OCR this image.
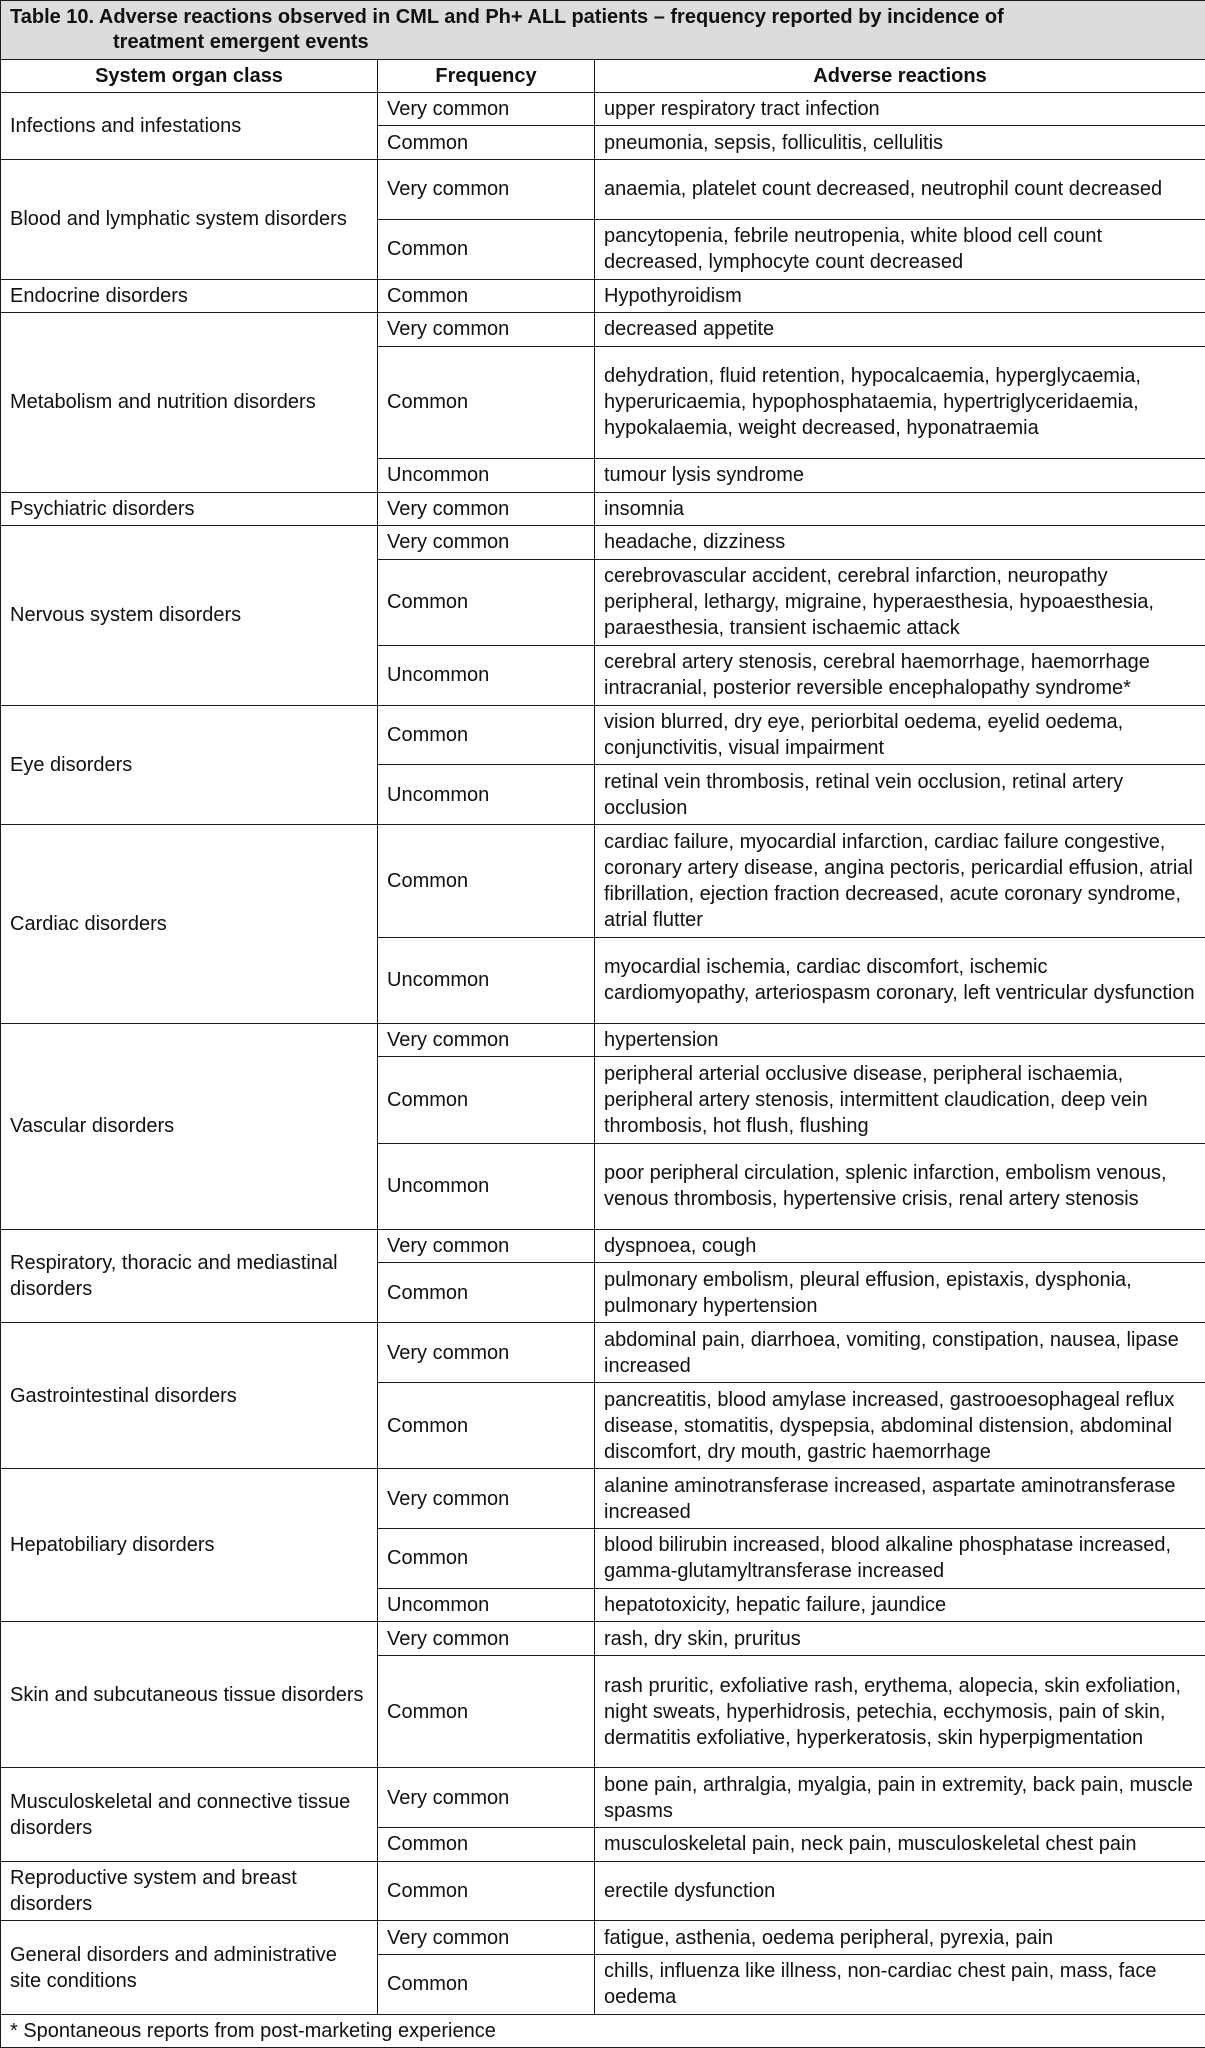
Table 10. Adverse reactions observed in CML and Ph+ ALL patients – frequency reported by incidence of
treatment emergent events		

System organ class	Frequency	Adverse reactions
Infections and infestations	Very common	upper respiratory tract infection
	Common	pneumonia, sepsis, folliculitis, cellulitis
Blood and lymphatic system disorders	Very common	anaemia, platelet count decreased, neutrophil count decreased
	Common	pancytopenia, febrile neutropenia, white blood cell count decreased, lymphocyte count decreased
Endocrine disorders	Common	Hypothyroidism
Metabolism and nutrition disorders	Very common	decreased appetite
	Common	dehydration, fluid retention, hypocalcaemia, hyperglycaemia, hyperuricaemia, hypophosphataemia, hypertriglyceridaemia, hypokalaemia, weight decreased, hyponatraemia
	Uncommon	tumour lysis syndrome
Psychiatric disorders	Very common	insomnia
Nervous system disorders	Very common	headache, dizziness
	Common	cerebrovascular accident, cerebral infarction, neuropathy peripheral, lethargy, migraine, hyperaesthesia, hypoaesthesia, paraesthesia, transient ischaemic attack
	Uncommon	cerebral artery stenosis, cerebral haemorrhage, haemorrhage intracranial, posterior reversible encephalopathy syndrome*
Eye disorders	Common	vision blurred, dry eye, periorbital oedema, eyelid oedema, conjunctivitis, visual impairment
	Uncommon	retinal vein thrombosis, retinal vein occlusion, retinal artery occlusion
Cardiac disorders	Common	cardiac failure, myocardial infarction, cardiac failure congestive, coronary artery disease, angina pectoris, pericardial effusion, atrial fibrillation, ejection fraction decreased, acute coronary syndrome, atrial flutter
	Uncommon	myocardial ischemia, cardiac discomfort, ischemic cardiomyopathy, arteriospasm coronary, left ventricular dysfunction
Vascular disorders	Very common	hypertension
	Common	peripheral arterial occlusive disease, peripheral ischaemia, peripheral artery stenosis, intermittent claudication, deep vein thrombosis, hot flush, flushing
	Uncommon	poor peripheral circulation, splenic infarction, embolism venous, venous thrombosis, hypertensive crisis, renal artery stenosis
Respiratory, thoracic and mediastinal disorders	Very common	dyspnoea, cough
	Common	pulmonary embolism, pleural effusion, epistaxis, dysphonia, pulmonary hypertension
Gastrointestinal disorders	Very common	abdominal pain, diarrhoea, vomiting, constipation, nausea, lipase increased
	Common	pancreatitis, blood amylase increased, gastrooesophageal reflux disease, stomatitis, dyspepsia, abdominal distension, abdominal discomfort, dry mouth, gastric haemorrhage
Hepatobiliary disorders	Very common	alanine aminotransferase increased, aspartate aminotransferase increased
	Common	blood bilirubin increased, blood alkaline phosphatase increased, gamma-glutamyltransferase increased
	Uncommon	hepatotoxicity, hepatic failure, jaundice
Skin and subcutaneous tissue disorders	Very common	rash, dry skin, pruritus
	Common	rash pruritic, exfoliative rash, erythema, alopecia, skin exfoliation, night sweats, hyperhidrosis, petechia, ecchymosis, pain of skin, dermatitis exfoliative, hyperkeratosis, skin hyperpigmentation
Musculoskeletal and connective tissue disorders	Very common	bone pain, arthralgia, myalgia, pain in extremity, back pain, muscle spasms
	Common	musculoskeletal pain, neck pain, musculoskeletal chest pain
Reproductive system and breast disorders	Common	erectile dysfunction
General disorders and administrative site conditions	Very common	fatigue, asthenia, oedema peripheral, pyrexia, pain
	Common	chills, influenza like illness, non-cardiac chest pain, mass, face oedema
* Spontaneous reports from post-marketing experience		
